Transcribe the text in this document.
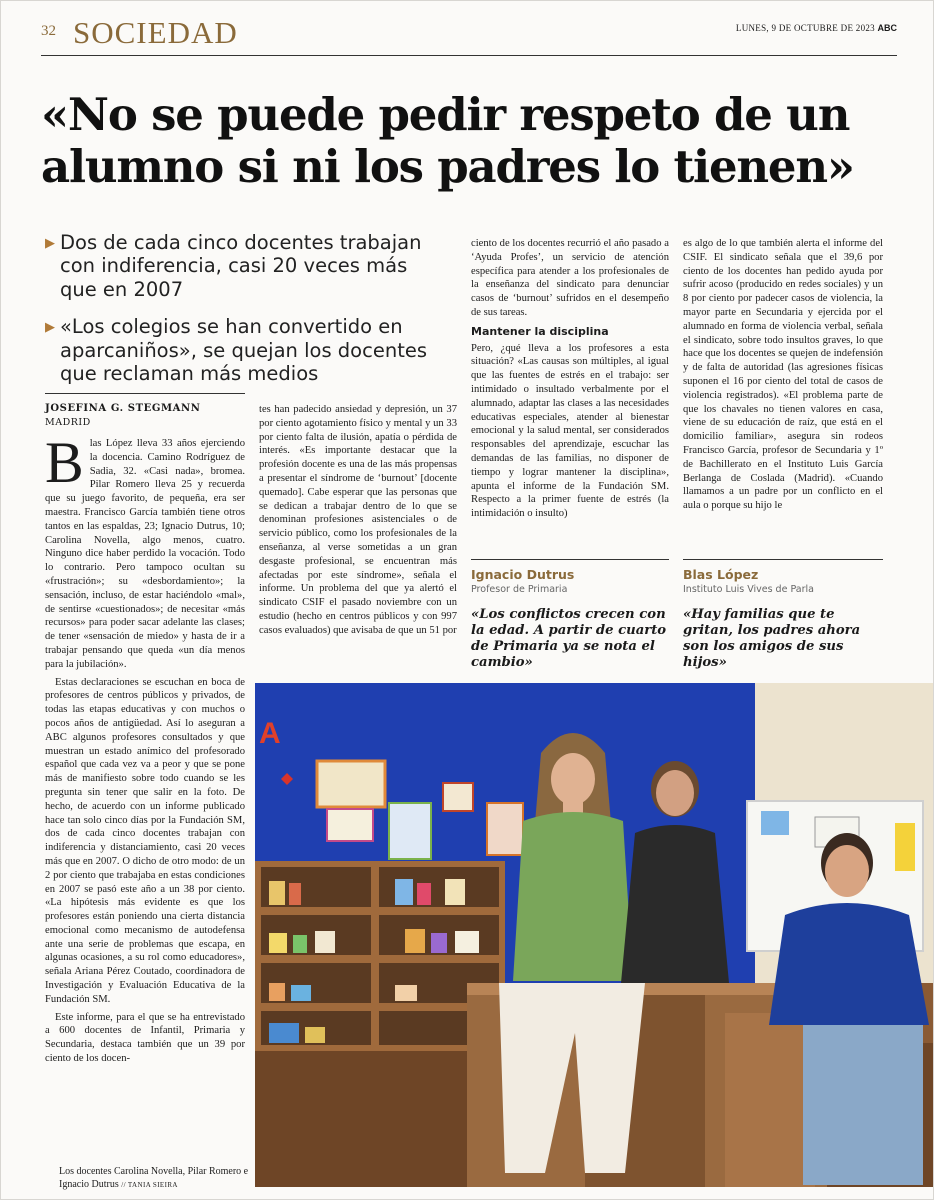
32 SOCIEDAD	LUNES, 9 DE OCTUBRE DE 2023 ABC
«No se puede pedir respeto de un alumno si ni los padres lo tienen»
▶ Dos de cada cinco docentes trabajan con indiferencia, casi 20 veces más que en 2007
▶ «Los colegios se han convertido en aparcaniños», se quejan los docentes que reclaman más medios
JOSEFINA G. STEGMANN
MADRID

Blas López lleva 33 años ejerciendo la docencia. Camino Rodríguez de Sadia, 32. «Casi nada», bromea. Pilar Romero lleva 25 y recuerda que su juego favorito, de pequeña, era ser maestra. Francisco García también tiene otros tantos en las espaldas, 23; Ignacio Dutrus, 10; Carolina Novella, algo menos, cuatro. Ninguno dice haber perdido la vocación. Todo lo contrario. Pero tampoco ocultan su «frustración»; su «desbordamiento»; la sensación, incluso, de estar haciéndolo «mal», de sentirse «cuestionados»; de necesitar «más recursos» para poder sacar adelante las clases; de tener «sensación de miedo» y hasta de ir a trabajar pensando que queda «un día menos para la jubilación».

Estas declaraciones se escuchan en boca de profesores de centros públicos y privados, de todas las etapas educativas y con muchos o pocos años de antigüedad. Así lo aseguran a ABC algunos profesores consultados y que muestran un estado anímico del profesorado español que cada vez va a peor y que se pone más de manifiesto sobre todo cuando se les pregunta sin tener que salir en la foto. De hecho, de acuerdo con un informe publicado hace tan solo cinco días por la Fundación SM, dos de cada cinco docentes trabajan con indiferencia y distanciamiento, casi 20 veces más que en 2007. O dicho de otro modo: de un 2 por ciento que trabajaba en estas condiciones en 2007 se pasó este año a un 38 por ciento. «La hipótesis más evidente es que los profesores están poniendo una cierta distancia emocional como mecanismo de autodefensa ante una serie de problemas que escapa, en algunas ocasiones, a su rol como educadores», señala Ariana Pérez Coutado, coordinadora de Investigación y Evaluación Educativa de la Fundación SM.

Este informe, para el que se ha entrevistado a 600 docentes de Infantil, Primaria y Secundaria, destaca también que un 39 por ciento de los docen-

tes han padecido ansiedad y depresión, un 37 por ciento agotamiento físico y mental y un 33 por ciento falta de ilusión, apatía o pérdida de interés. «Es importante destacar que la profesión docente es una de las más propensas a presentar el síndrome de ‘burnout’ [docente quemado]. Cabe esperar que las personas que se dedican a trabajar dentro de lo que se denominan profesiones asistenciales o de servicio público, como los profesionales de la enseñanza, al verse sometidas a un gran desgaste profesional, se encuentran más afectadas por este síndrome», señala el informe. Un problema del que ya alertó el sindicato CSIF el pasado noviembre con un estudio (hecho en centros públicos y con 997 casos evaluados) que avisaba de que un 51 por

ciento de los docentes recurrió el año pasado a ‘Ayuda Profes’, un servicio de atención específica para atender a los profesionales de la enseñanza del sindicato para denunciar casos de ‘burnout’ sufridos en el desempeño de sus tareas.

Mantener la disciplina

Pero, ¿qué lleva a los profesores a esta situación? «Las causas son múltiples, al igual que las fuentes de estrés en el trabajo: ser intimidado o insultado verbalmente por el alumnado, adaptar las clases a las necesidades educativas especiales, atender al bienestar emocional y la salud mental, ser considerados responsables del aprendizaje, escuchar las demandas de las familias, no disponer de tiempo y lograr mantener la disciplina», apunta el informe de la Fundación SM. Respecto a la primer fuente de estrés (la intimidación o insulto)

es algo de lo que también alerta el informe del CSIF. El sindicato señala que el 39,6 por ciento de los docentes han pedido ayuda por sufrir acoso (producido en redes sociales) y un 8 por ciento por padecer casos de violencia, la mayor parte en Secundaria y ejercida por el alumnado en forma de violencia verbal, señala el sindicato, sobre todo insultos graves, lo que hace que los docentes se quejen de indefensión y de falta de autoridad (las agresiones físicas suponen el 16 por ciento del total de casos de violencia registrados). «El problema parte de que los chavales no tienen valores en casa, viene de su educación de raíz, que está en el domicilio familiar», asegura sin rodeos Francisco García, profesor de Secundaria y 1º de Bachillerato en el Instituto Luis García Berlanga de Coslada (Madrid). «Cuando llamamos a un padre por un conflicto en el aula o porque su hijo le

Ignacio Dutrus
Profesor de Primaria
«Los conflictos crecen con la edad. A partir de cuarto de Primaria ya se nota el cambio»
Blas López
Instituto Luis Vives de Parla
«Hay familias que te gritan, los padres ahora son los amigos de sus hijos»
A
Los docentes Carolina Novella, Pilar Romero e Ignacio Dutrus // TANIA SIEIRA
